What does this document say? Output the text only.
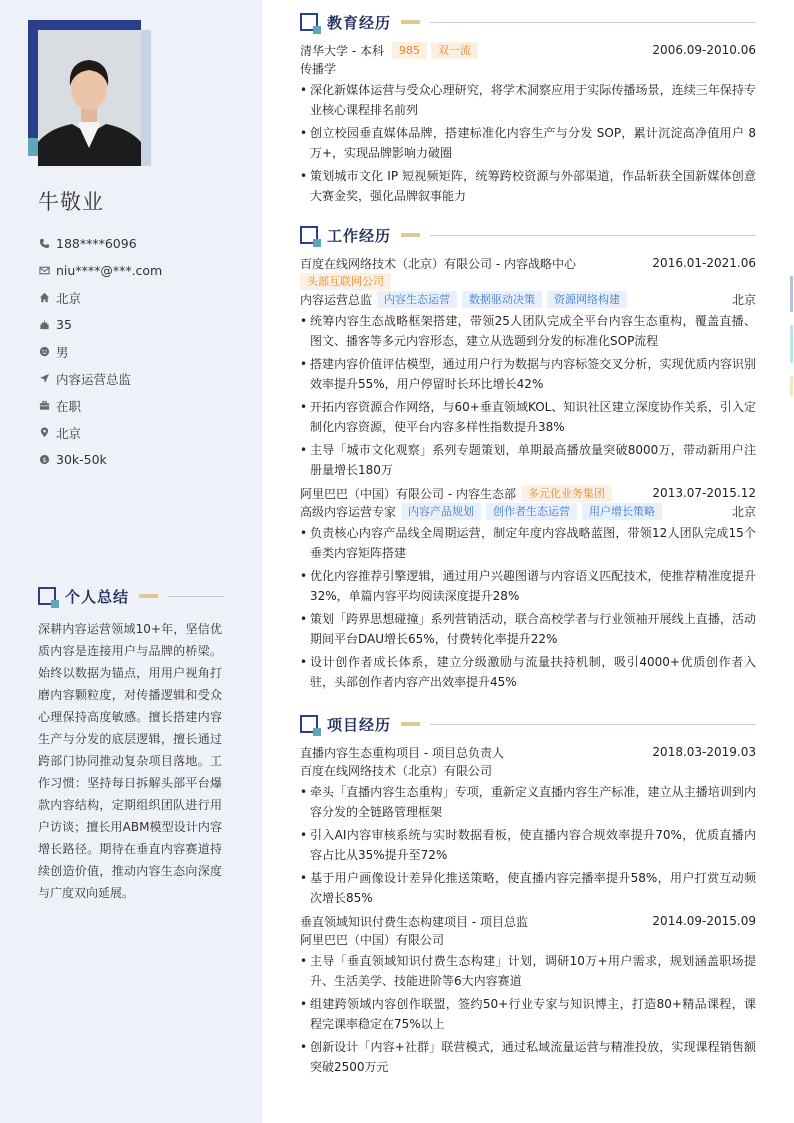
牛敬业
188****6096
niu****@***.com
北京
35
男
内容运营总监
在职
北京
$ 30k-50k
个人总结

深耕内容运营领域10+年，坚信优质内容是连接用户与品牌的桥梁。始终以数据为锚点，用用户视角打磨内容颗粒度，对传播逻辑和受众心理保持高度敏感。擅长搭建内容生产与分发的底层逻辑，擅长通过跨部门协同推动复杂项目落地。工作习惯：坚持每日拆解头部平台爆款内容结构，定期组织团队进行用户访谈；擅长用ABM模型设计内容增长路径。期待在垂直内容赛道持续创造价值，推动内容生态向深度与广度双向延展。

教育经历
清华大学 - 本科	985	双一流	2006.09-2010.06
传播学
• 深化新媒体运营与受众心理研究，将学术洞察应用于实际传播场景，连续三年保持专业核心课程排名前列
• 创立校园垂直媒体品牌，搭建标准化内容生产与分发 SOP，累计沉淀高净值用户 8 万+，实现品牌影响力破圈
• 策划城市文化 IP 短视频矩阵，统筹跨校资源与外部渠道，作品斩获全国新媒体创意大赛金奖，强化品牌叙事能力
工作经历
百度在线网络技术（北京）有限公司 - 内容战略中心	2016.01-2021.06
头部互联网公司
内容运营总监	内容生态运营	数据驱动决策	资源网络构建	北京
• 统筹内容生态战略框架搭建，带领25人团队完成全平台内容生态重构，覆盖直播、图文、播客等多元内容形态，建立从选题到分发的标准化SOP流程
• 搭建内容价值评估模型，通过用户行为数据与内容标签交叉分析，实现优质内容识别效率提升55%，用户停留时长环比增长42%
• 开拓内容资源合作网络，与60+垂直领域KOL、知识社区建立深度协作关系，引入定制化内容资源，使平台内容多样性指数提升38%
• 主导「城市文化观察」系列专题策划，单期最高播放量突破8000万，带动新用户注册量增长180万
阿里巴巴（中国）有限公司 - 内容生态部	多元化业务集团	2013.07-2015.12
高级内容运营专家	内容产品规划	创作者生态运营	用户增长策略	北京
• 负责核心内容产品线全周期运营，制定年度内容战略蓝图，带领12人团队完成15个垂类内容矩阵搭建
• 优化内容推荐引擎逻辑，通过用户兴趣图谱与内容语义匹配技术，使推荐精准度提升32%，单篇内容平均阅读深度提升28%
• 策划「跨界思想碰撞」系列营销活动，联合高校学者与行业领袖开展线上直播，活动期间平台DAU增长65%，付费转化率提升22%
• 设计创作者成长体系，建立分级激励与流量扶持机制，吸引4000+优质创作者入驻，头部创作者内容产出效率提升45%
项目经历
直播内容生态重构项目 - 项目总负责人	2018.03-2019.03
百度在线网络技术（北京）有限公司
• 牵头「直播内容生态重构」专项，重新定义直播内容生产标准，建立从主播培训到内容分发的全链路管理框架
• 引入AI内容审核系统与实时数据看板，使直播内容合规效率提升70%，优质直播内容占比从35%提升至72%
• 基于用户画像设计差异化推送策略，使直播内容完播率提升58%，用户打赏互动频次增长85%
垂直领域知识付费生态构建项目 - 项目总监	2014.09-2015.09
阿里巴巴（中国）有限公司
• 主导「垂直领域知识付费生态构建」计划，调研10万+用户需求，规划涵盖职场提升、生活美学、技能进阶等6大内容赛道
• 组建跨领域内容创作联盟，签约50+行业专家与知识博主，打造80+精品课程，课程完课率稳定在75%以上
• 创新设计「内容+社群」联营模式，通过私域流量运营与精准投放，实现课程销售额突破2500万元
